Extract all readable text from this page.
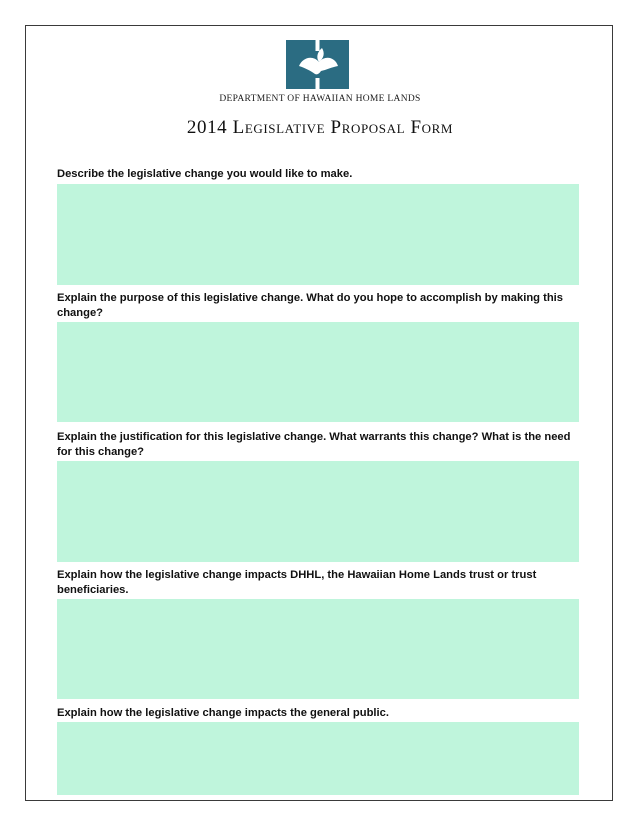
DEPARTMENT OF HAWAIIAN HOME LANDS
2014 Legislative Proposal Form
Describe the legislative change you would like to make.
Explain the purpose of this legislative change. What do you hope to accomplish by making this change?
Explain the justification for this legislative change. What warrants this change? What is the need for this change?
Explain how the legislative change impacts DHHL, the Hawaiian Home Lands trust or trust beneficiaries.
Explain how the legislative change impacts the general public.
